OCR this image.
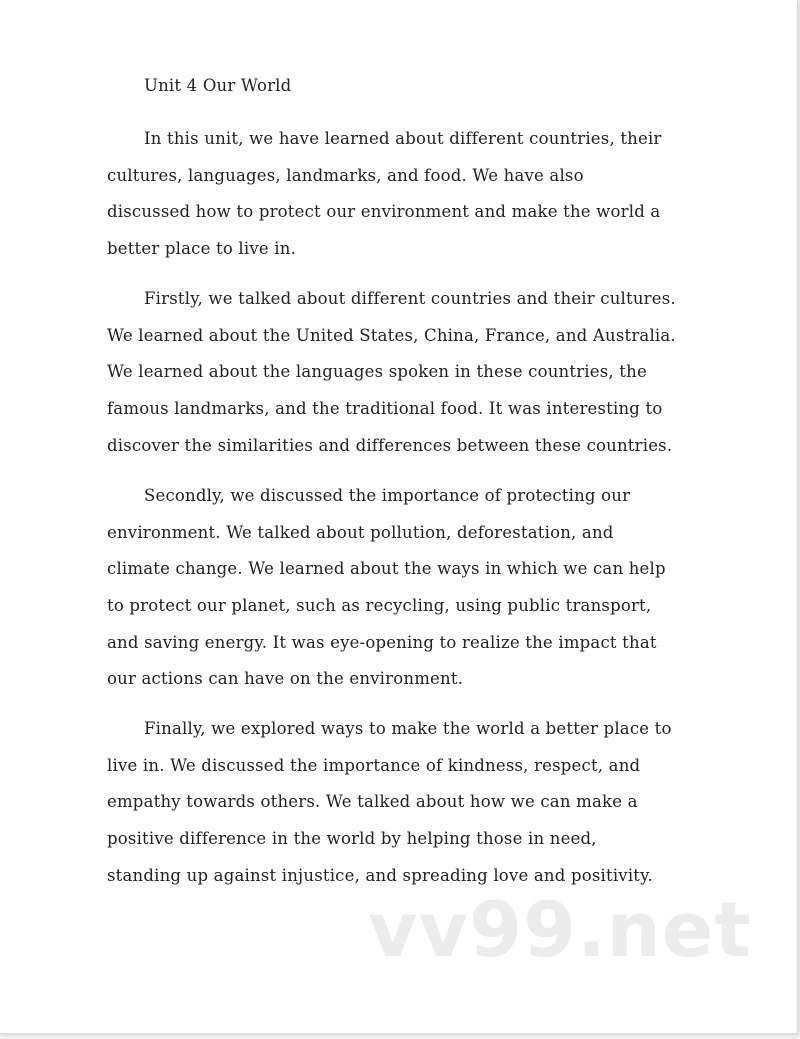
Unit 4 Our World
In this unit, we have learned about different countries, their
cultures, languages, landmarks, and food. We have also
discussed how to protect our environment and make the world a
better place to live in.
Firstly, we talked about different countries and their cultures.
We learned about the United States, China, France, and Australia.
We learned about the languages spoken in these countries, the
famous landmarks, and the traditional food. It was interesting to
discover the similarities and differences between these countries.
Secondly, we discussed the importance of protecting our
environment. We talked about pollution, deforestation, and
climate change. We learned about the ways in which we can help
to protect our planet, such as recycling, using public transport,
and saving energy. It was eye-opening to realize the impact that
our actions can have on the environment.
Finally, we explored ways to make the world a better place to
live in. We discussed the importance of kindness, respect, and
empathy towards others. We talked about how we can make a
positive difference in the world by helping those in need,
standing up against injustice, and spreading love and positivity.
vv99.net
